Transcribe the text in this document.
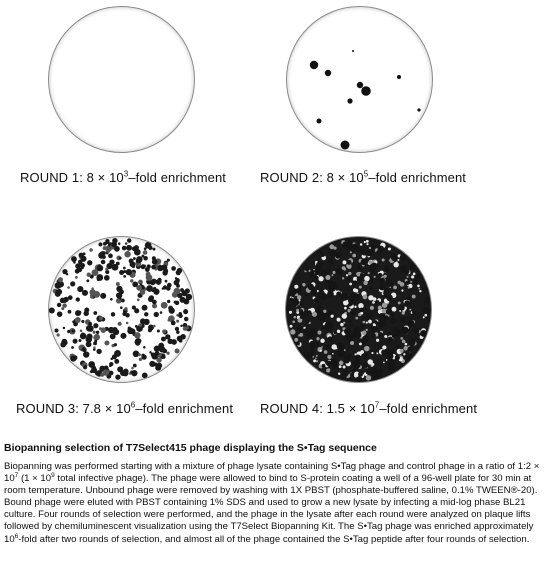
ROUND 1: $8 \times 10^3$–fold enrichment	ROUND 2: $8 \times 10^5$–fold enrichment
ROUND 3: $7.8 \times 10^6$–fold enrichment ROUND 4: $1.5 \times 10^7$–fold enrichment
Biopanning selection of T7Select415 phage displaying the S•Tag sequence
Biopanning was performed starting with a mixture of phage lysate containing S•Tag phage and control phage in a ratio of 1:2 × $10^7$ ($1 \times 10^9$ total infective phage). The phage were allowed to bind to S-protein coating a well of a 96-well plate for 30 min at room temperature. Unbound phage were removed by washing with 1X PBST (phosphate-buffered saline, 0.1% TWEEN®-20). Bound phage were eluted with PBST containing 1% SDS and used to grow a new lysate by infecting a mid-log phase BL21 culture. Four rounds of selection were performed, and the phage in the lysate after each round were analyzed on plaque lifts followed by chemiluminescent visualization using the T7Select Biopanning Kit. The S•Tag phage was enriched approximately $10^6$-fold after two rounds of selection, and almost all of the phage contained the S•Tag peptide after four rounds of selection.
